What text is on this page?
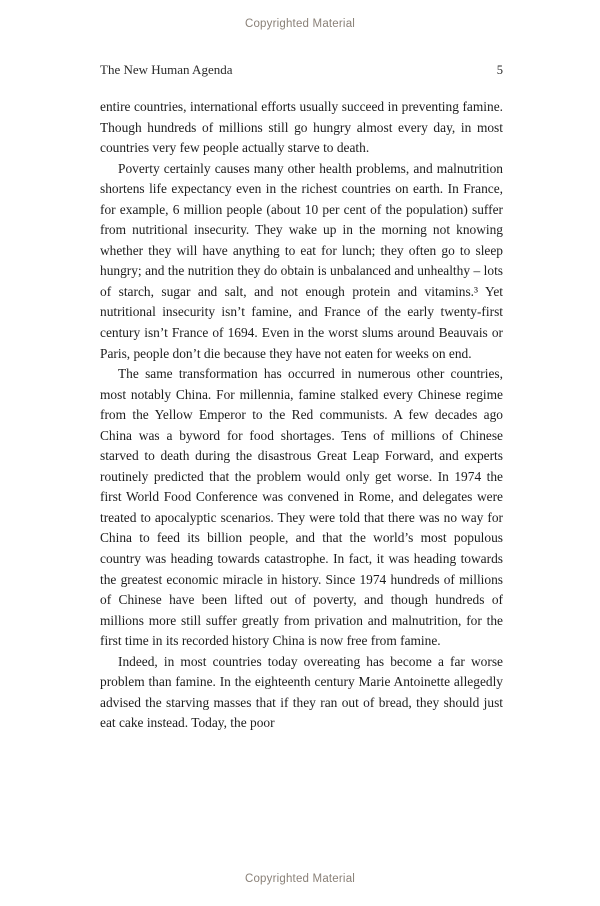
Copyrighted Material
The New Human Agenda	5

entire countries, international efforts usually succeed in preventing famine. Though hundreds of millions still go hungry almost every day, in most countries very few people actually starve to death.

Poverty certainly causes many other health problems, and malnutrition shortens life expectancy even in the richest countries on earth. In France, for example, 6 million people (about 10 per cent of the population) suffer from nutritional insecurity. They wake up in the morning not knowing whether they will have anything to eat for lunch; they often go to sleep hungry; and the nutrition they do obtain is unbalanced and unhealthy – lots of starch, sugar and salt, and not enough protein and vitamins.³ Yet nutritional insecurity isn’t famine, and France of the early twenty-first century isn’t France of 1694. Even in the worst slums around Beauvais or Paris, people don’t die because they have not eaten for weeks on end.

The same transformation has occurred in numerous other countries, most notably China. For millennia, famine stalked every Chinese regime from the Yellow Emperor to the Red communists. A few decades ago China was a byword for food shortages. Tens of millions of Chinese starved to death during the disastrous Great Leap Forward, and experts routinely predicted that the problem would only get worse. In 1974 the first World Food Conference was convened in Rome, and delegates were treated to apocalyptic scenarios. They were told that there was no way for China to feed its billion people, and that the world’s most populous country was heading towards catastrophe. In fact, it was heading towards the greatest economic miracle in history. Since 1974 hundreds of millions of Chinese have been lifted out of poverty, and though hundreds of millions more still suffer greatly from privation and malnutrition, for the first time in its recorded history China is now free from famine.

Indeed, in most countries today overeating has become a far worse problem than famine. In the eighteenth century Marie Antoinette allegedly advised the starving masses that if they ran out of bread, they should just eat cake instead. Today, the poor

Copyrighted Material
